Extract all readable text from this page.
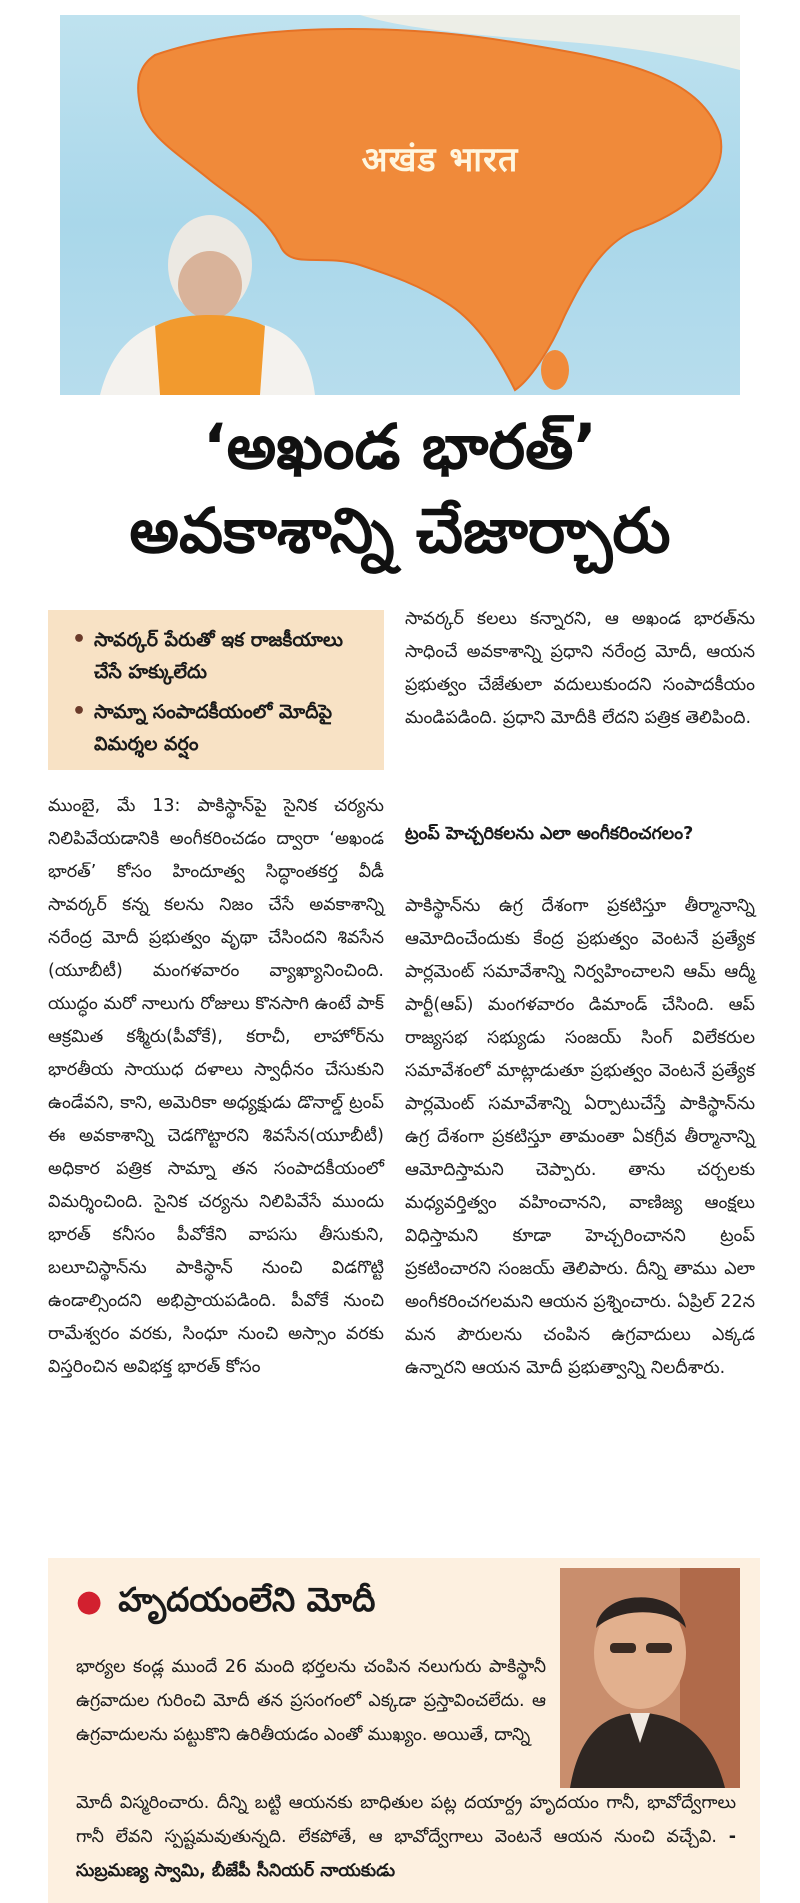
अखंड भारत
‘అఖండ భారత్’
అవకాశాన్ని చేజార్చారు
• సావర్కర్ పేరుతో ఇక రాజకీయాలు చేసే హక్కులేదు
• సామ్నా సంపాదకీయంలో మోదీపై విమర్శల వర్షం
ముంబై, మే 13: పాకిస్థాన్‌పై సైనిక చర్యను నిలిపివేయడానికి అంగీకరించడం ద్వారా ‘అఖండ భారత్’ కోసం హిందూత్వ సిద్ధాంతకర్త వీడీ సావర్కర్ కన్న కలను నిజం చేసే అవకాశాన్ని నరేంద్ర మోదీ ప్రభుత్వం వృథా చేసిందని శివసేన (యూబీటీ) మంగళవారం వ్యాఖ్యానించింది. యుద్ధం మరో నాలుగు రోజులు కొనసాగి ఉంటే పాక్ ఆక్రమిత కశ్మీరు(పీవోకే), కరాచీ, లాహోర్‌ను భారతీయ సాయుధ దళాలు స్వాధీనం చేసుకుని ఉండేవని, కాని, అమెరికా అధ్యక్షుడు డొనాల్డ్ ట్రంప్ ఈ అవకాశాన్ని చెడగొట్టారని శివసేన(యూబీటీ) అధికార పత్రిక సామ్నా తన సంపాదకీయంలో విమర్శించింది. సైనిక చర్యను నిలిపివేసే ముందు భారత్ కనీసం పీవోకేని వాపసు తీసుకుని, బలూచిస్థాన్‌ను పాకిస్థాన్ నుంచి విడగొట్టి ఉండాల్సిందని అభిప్రాయపడింది. పీవోకే నుంచి రామేశ్వరం వరకు, సింధూ నుంచి అస్సాం వరకు విస్తరించిన అవిభక్త భారత్ కోసం
సావర్కర్ కలలు కన్నారని, ఆ అఖండ భారత్‌ను సాధించే అవకాశాన్ని ప్రధాని నరేంద్ర మోదీ, ఆయన ప్రభుత్వం చేజేతులా వదులుకుందని సంపాదకీయం మండిపడింది. ప్రధాని మోదీకి లేదని పత్రిక తెలిపింది.
ట్రంప్ హెచ్చరికలను ఎలా అంగీకరించగలం?
పాకిస్థాన్‌ను ఉగ్ర దేశంగా ప్రకటిస్తూ తీర్మానాన్ని ఆమోదించేందుకు కేంద్ర ప్రభుత్వం వెంటనే ప్రత్యేక పార్లమెంట్ సమావేశాన్ని నిర్వహించాలని ఆమ్ ఆద్మీ పార్టీ(ఆప్) మంగళవారం డిమాండ్ చేసింది. ఆప్ రాజ్యసభ సభ్యుడు సంజయ్ సింగ్ విలేకరుల సమావేశంలో మాట్లాడుతూ ప్రభుత్వం వెంటనే ప్రత్యేక పార్లమెంట్ సమావేశాన్ని ఏర్పాటుచేస్తే పాకిస్థాన్‌ను ఉగ్ర దేశంగా ప్రకటిస్తూ తామంతా ఏకగ్రీవ తీర్మానాన్ని ఆమోదిస్తామని చెప్పారు. తాను చర్చలకు మధ్యవర్తిత్వం వహించానని, వాణిజ్య ఆంక్షలు విధిస్తామని కూడా హెచ్చరించానని ట్రంప్ ప్రకటించారని సంజయ్ తెలిపారు. దీన్ని తాము ఎలా అంగీకరించగలమని ఆయన ప్రశ్నించారు. ఏప్రిల్ 22న మన పౌరులను చంపిన ఉగ్రవాదులు ఎక్కడ ఉన్నారని ఆయన మోదీ ప్రభుత్వాన్ని నిలదీశారు.
● హృదయంలేని మోదీ
భార్యల కండ్ల ముందే 26 మంది భర్తలను చంపిన నలుగురు పాకిస్థానీ ఉగ్రవాదుల గురించి మోదీ తన ప్రసంగంలో ఎక్కడా ప్రస్తావించలేదు. ఆ ఉగ్రవాదులను పట్టుకొని ఉరితీయడం ఎంతో ముఖ్యం. అయితే, దాన్ని
మోదీ విస్మరించారు. దీన్ని బట్టి ఆయనకు బాధితుల పట్ల దయార్ద్ర హృదయం గానీ, భావోద్వేగాలు గానీ లేవని స్పష్టమవుతున్నది. లేకపోతే, ఆ భావోద్వేగాలు వెంటనే ఆయన నుంచి వచ్చేవి. - సుబ్రమణ్య స్వామి, బీజేపీ సీనియర్ నాయకుడు
